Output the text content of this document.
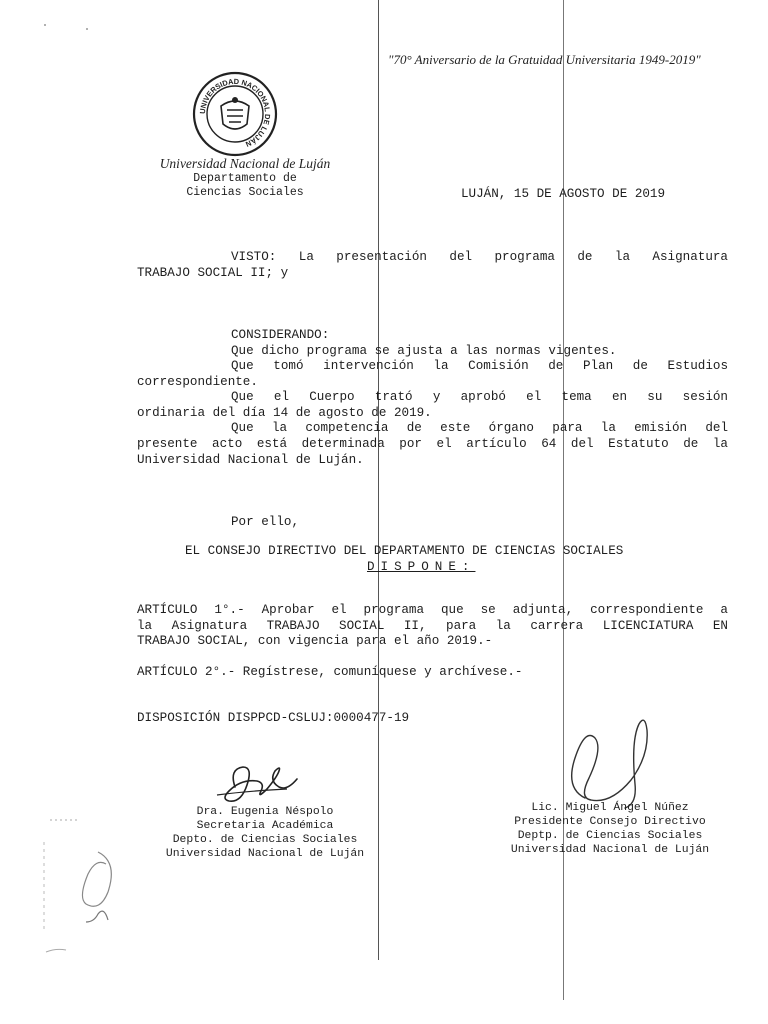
"70° Aniversario de la Gratuidad Universitaria 1949-2019"
UNIVERSIDAD NACIONAL DE LUJÁN
Universidad Nacional de Luján
Departamento de
Ciencias Sociales	LUJÁN, 15 DE AGOSTO DE 2019
VISTO: La presentación del programa de la Asignatura
TRABAJO SOCIAL II; y
CONSIDERANDO:
Que dicho programa se ajusta a las normas vigentes.
Que tomó intervención la Comisión de Plan de Estudios
correspondiente.
Que el Cuerpo trató y aprobó el tema en su sesión
ordinaria del día 14 de agosto de 2019.
Que la competencia de este órgano para la emisión del
presente acto está determinada por el artículo 64 del Estatuto de la
Universidad Nacional de Luján.
Por ello,
EL CONSEJO DIRECTIVO DEL DEPARTAMENTO DE CIENCIAS SOCIALES
DISPONE:
ARTÍCULO 1°.- Aprobar el programa que se adjunta, correspondiente a
la Asignatura TRABAJO SOCIAL II, para la carrera LICENCIATURA EN
TRABAJO SOCIAL, con vigencia para el año 2019.-
ARTÍCULO 2°.- Regístrese, comuníquese y archívese.-
DISPOSICIÓN DISPPCD-CSLUJ:0000477-19
Dra. Eugenia Néspolo
Secretaria Académica
Depto. de Ciencias Sociales
Universidad Nacional de Luján
Lic. Miguel Ángel Núñez
Presidente Consejo Directivo
Deptp. de Ciencias Sociales
Universidad Nacional de Luján
